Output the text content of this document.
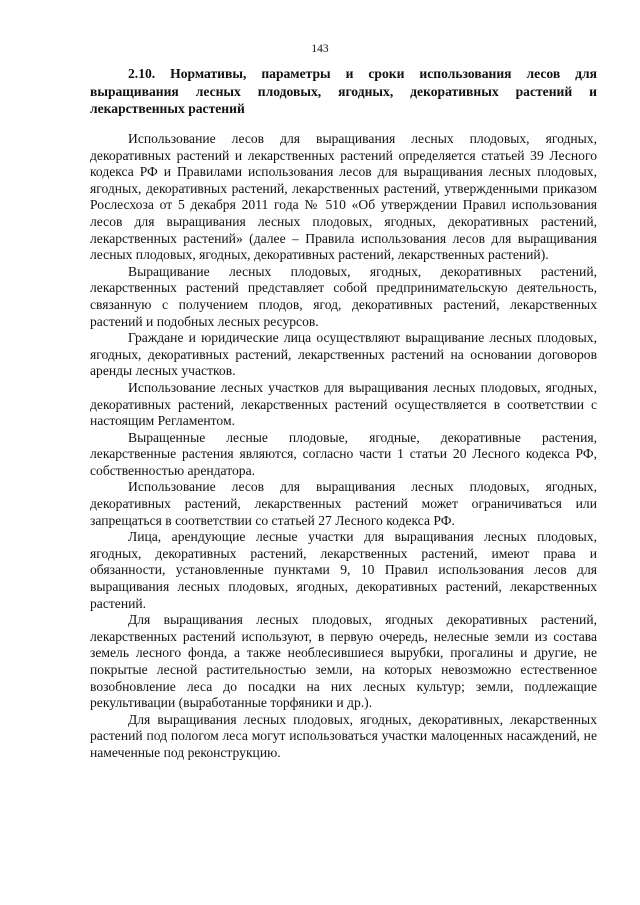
143
2.10. Нормативы, параметры и сроки использования лесов для выращивания лесных плодовых, ягодных, декоративных растений и лекарственных растений

Использование лесов для выращивания лесных плодовых, ягодных, декоративных растений и лекарственных растений определяется статьей 39 Лесного кодекса РФ и Правилами использования лесов для выращивания лесных плодовых, ягодных, декоративных растений, лекарственных растений, утвержденными приказом Рослесхоза от 5 декабря 2011 года № 510 «Об утверждении Правил использования лесов для выращивания лесных плодовых, ягодных, декоративных растений, лекарственных растений» (далее – Правила использования лесов для выращивания лесных плодовых, ягодных, декоративных растений, лекарственных растений).

Выращивание лесных плодовых, ягодных, декоративных растений, лекарственных растений представляет собой предпринимательскую деятельность, связанную с получением плодов, ягод, декоративных растений, лекарственных растений и подобных лесных ресурсов.

Граждане и юридические лица осуществляют выращивание лесных плодовых, ягодных, декоративных растений, лекарственных растений на основании договоров аренды лесных участков.

Использование лесных участков для выращивания лесных плодовых, ягодных, декоративных растений, лекарственных растений осуществляется в соответствии с настоящим Регламентом.

Выращенные лесные плодовые, ягодные, декоративные растения, лекарственные растения являются, согласно части 1 статьи 20 Лесного кодекса РФ, собственностью арендатора.

Использование лесов для выращивания лесных плодовых, ягодных, декоративных растений, лекарственных растений может ограничиваться или запрещаться в соответствии со статьей 27 Лесного кодекса РФ.

Лица, арендующие лесные участки для выращивания лесных плодовых, ягодных, декоративных растений, лекарственных растений, имеют права и обязанности, установленные пунктами 9, 10 Правил использования лесов для выращивания лесных плодовых, ягодных, декоративных растений, лекарственных растений.

Для выращивания лесных плодовых, ягодных декоративных растений, лекарственных растений используют, в первую очередь, нелесные земли из состава земель лесного фонда, а также необлесившиеся вырубки, прогалины и другие, не покрытые лесной растительностью земли, на которых невозможно естественное возобновление леса до посадки на них лесных культур; земли, подлежащие рекультивации (выработанные торфяники и др.).

Для выращивания лесных плодовых, ягодных, декоративных, лекарственных растений под пологом леса могут использоваться участки малоценных насаждений, не намеченные под реконструкцию.
